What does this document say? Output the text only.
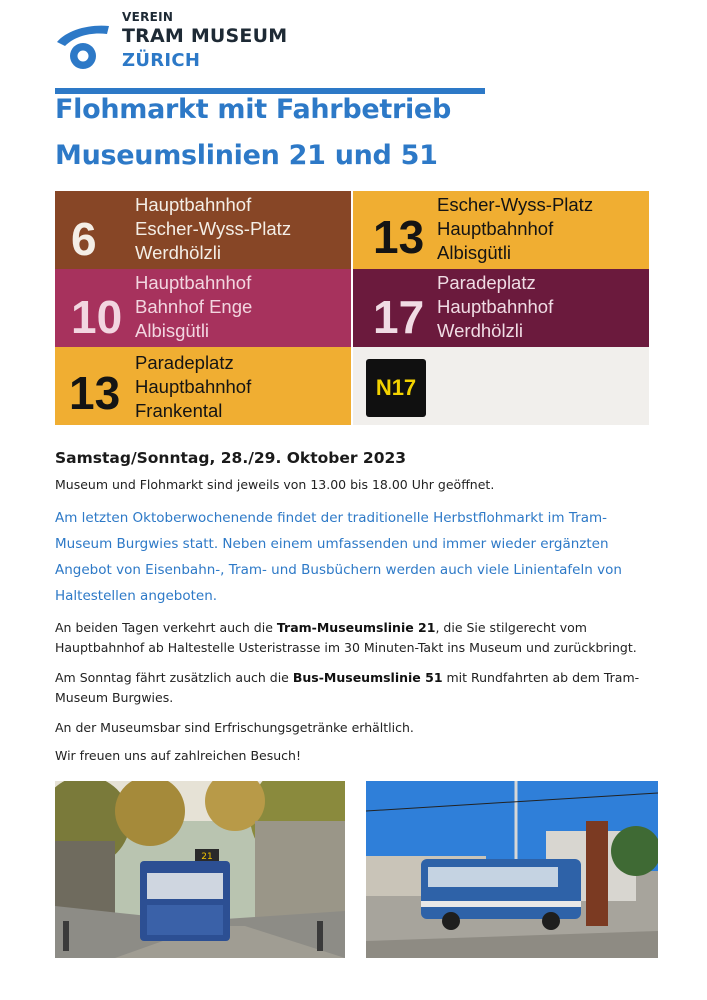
VEREIN
TRAM MUSEUM
ZÜRICH
Flohmarkt mit Fahrbetrieb
Museumslinien 21 und 51
6
Hauptbahnhof
Escher-Wyss-Platz
Werdhölzli	13
Escher-Wyss-Platz
Hauptbahnhof
Albisgütli
10
Hauptbahnhof
Bahnhof Enge
Albisgütli	17
Paradeplatz
Hauptbahnhof
Werdhölzli
13
Paradeplatz
Hauptbahnhof
Frankental
N17
Samstag/Sonntag, 28./29. Oktober 2023
Museum und Flohmarkt sind jeweils von 13.00 bis 18.00 Uhr geöffnet.
Am letzten Oktoberwochenende findet der traditionelle Herbstflohmarkt im Tram-Museum Burgwies statt. Neben einem umfassenden und immer wieder ergänzten Angebot von Eisenbahn-, Tram- und Busbüchern werden auch viele Linientafeln von Haltestellen angeboten.
An beiden Tagen verkehrt auch die Tram-Museumslinie 21, die Sie stilgerecht vom Hauptbahnhof ab Haltestelle Usteristrasse im 30 Minuten-Takt ins Museum und zurückbringt.
Am Sonntag fährt zusätzlich auch die Bus-Museumslinie 51 mit Rundfahrten ab dem Tram-Museum Burgwies.
An der Museumsbar sind Erfrischungsgetränke erhältlich.
Wir freuen uns auf zahlreichen Besuch!
21
